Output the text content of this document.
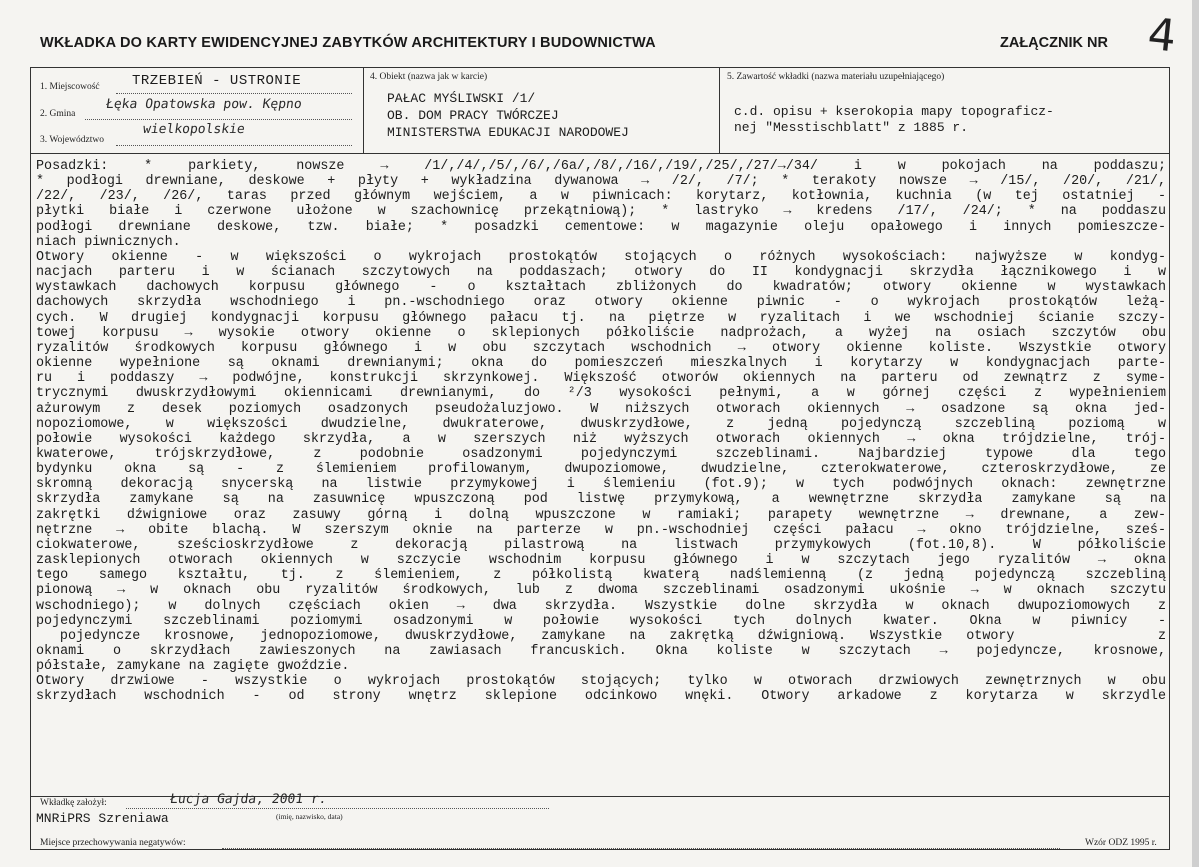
WKŁADKA DO KARTY EWIDENCYJNEJ ZABYTKÓW ARCHITEKTURY I BUDOWNICTWA	ZAŁĄCZNIK NR 4
1. Miejscowość TRZEBIEŃ - USTRONIE
2. Gmina
Łęka Opatowska pow. Kępno
3. Województwo
wielkopolskie
4. Obiekt (nazwa jak w karcie)
PAŁAC MYŚLIWSKI /1/
OB. DOM PRACY TWÓRCZEJ
MINISTERSTWA EDUKACJI NARODOWEJ
5. Zawartość wkładki (nazwa materiału uzupełniającego)
c.d. opisu + kserokopia mapy topograficz-
nej "Messtischblatt" z 1885 r.
Posadzki: * parkiety, nowsze → /1/,/4/,/5/,/6/,/6a/,/8/,/16/,/19/,/25/,/27/→/34/ i w pokojach na poddaszu;
* podłogi drewniane, deskowe + płyty + wykładzina dywanowa → /2/, /7/; * terakoty nowsze → /15/, /20/, /21/,
/22/, /23/, /26/, taras przed głównym wejściem, a w piwnicach: korytarz, kotłownia, kuchnia (w tej ostatniej -
płytki białe i czerwone ułożone w szachownicę przekątniową); * lastryko → kredens /17/, /24/; * na poddaszu
podłogi drewniane deskowe, tzw. białe; * posadzki cementowe: w magazynie oleju opałowego i innych pomieszcze-
niach piwnicznych.
Otwory okienne - w większości o wykrojach prostokątów stojących o różnych wysokościach: najwyższe w kondyg-
nacjach parteru i w ścianach szczytowych na poddaszach; otwory do II kondygnacji skrzydła łącznikowego i w
wystawkach dachowych korpusu głównego - o kształtach zbliżonych do kwadratów; otwory okienne w wystawkach
dachowych skrzydła wschodniego i pn.-wschodniego oraz otwory okienne piwnic - o wykrojach prostokątów leżą-
cych. W drugiej kondygnacji korpusu głównego pałacu tj. na piętrze w ryzalitach i we wschodniej ścianie szczy-
towej korpusu → wysokie otwory okienne o sklepionych półkoliście nadprożach, a wyżej na osiach szczytów obu
ryzalitów środkowych korpusu głównego i w obu szczytach wschodnich → otwory okienne koliste. Wszystkie otwory
okienne wypełnione są oknami drewnianymi; okna do pomieszczeń mieszkalnych i korytarzy w kondygnacjach parte-
ru i poddaszy → podwójne, konstrukcji skrzynkowej. Większość otworów okiennych na parteru od zewnątrz z syme-
trycznymi dwuskrzydłowymi okiennicami drewnianymi, do ²/3 wysokości pełnymi, a w górnej części z wypełnieniem
ażurowym z desek poziomych osadzonych pseudożaluzjowo. W niższych otworach okiennych → osadzone są okna jed-
nopoziomowe, w większości dwudzielne, dwukraterowe, dwuskrzydłowe, z jedną pojedynczą szczebliną poziomą w
połowie wysokości każdego skrzydła, a w szerszych niż wyższych otworach okiennych → okna trójdzielne, trój-
kwaterowe, trójskrzydłowe, z podobnie osadzonymi pojedynczymi szczeblinami. Najbardziej typowe dla tego
bydynku okna są - z ślemieniem profilowanym, dwupoziomowe, dwudzielne, czterokwaterowe, czteroskrzydłowe, ze
skromną dekoracją snycerską na listwie przymykowej i ślemieniu (fot.9); w tych podwójnych oknach: zewnętrzne
skrzydła zamykane są na zasuwnicę wpuszczoną pod listwę przymykową, a wewnętrzne skrzydła zamykane są na
zakrętki dźwigniowe oraz zasuwy górną i dolną wpuszczone w ramiaki; parapety wewnętrzne → drewnane, a zew-
nętrzne → obite blachą. W szerszym oknie na parterze w pn.-wschodniej części pałacu → okno trójdzielne, sześ-
ciokwaterowe, sześcioskrzydłowe z dekoracją pilastrową na listwach przymykowych (fot.10,8). W półkoliście
zasklepionych otworach okiennych w szczycie wschodnim korpusu głównego i w szczytach jego ryzalitów → okna
tego samego kształtu, tj. z ślemieniem, z półkolistą kwaterą nadślemienną (z jedną pojedynczą szczebliną
pionową → w oknach obu ryzalitów środkowych, lub z dwoma szczeblinami osadzonymi ukośnie → w oknach szczytu
wschodniego); w dolnych częściach okien → dwa skrzydła. Wszystkie dolne skrzydła w oknach dwupoziomowych z
pojedynczymi szczeblinami poziomymi osadzonymi w połowie wysokości tych dolnych kwater. Okna w piwnicy -
pojedyncze krosnowe, jednopoziomowe, dwuskrzydłowe, zamykane na zakrętką dźwigniową. Wszystkie otwory      z
oknami o skrzydłach zawieszonych na zawiasach francuskich. Okna koliste w szczytach → pojedyncze, krosnowe,
półstałe, zamykane na zagięte gwoździe.
Otwory drzwiowe - wszystkie o wykrojach prostokątów stojących; tylko w otworach drzwiowych zewnętrznych w obu
skrzydłach wschodnich - od strony wnętrz sklepione odcinkowo wnęki. Otwory arkadowe z korytarza w skrzydle
Wkładkę założył:	Łucja Gajda, 2001 r.
(imię, nazwisko, data)
MNRiPRS Szreniawa
Miejsce przechowywania negatywów:	Wzór ODZ 1995 r.
